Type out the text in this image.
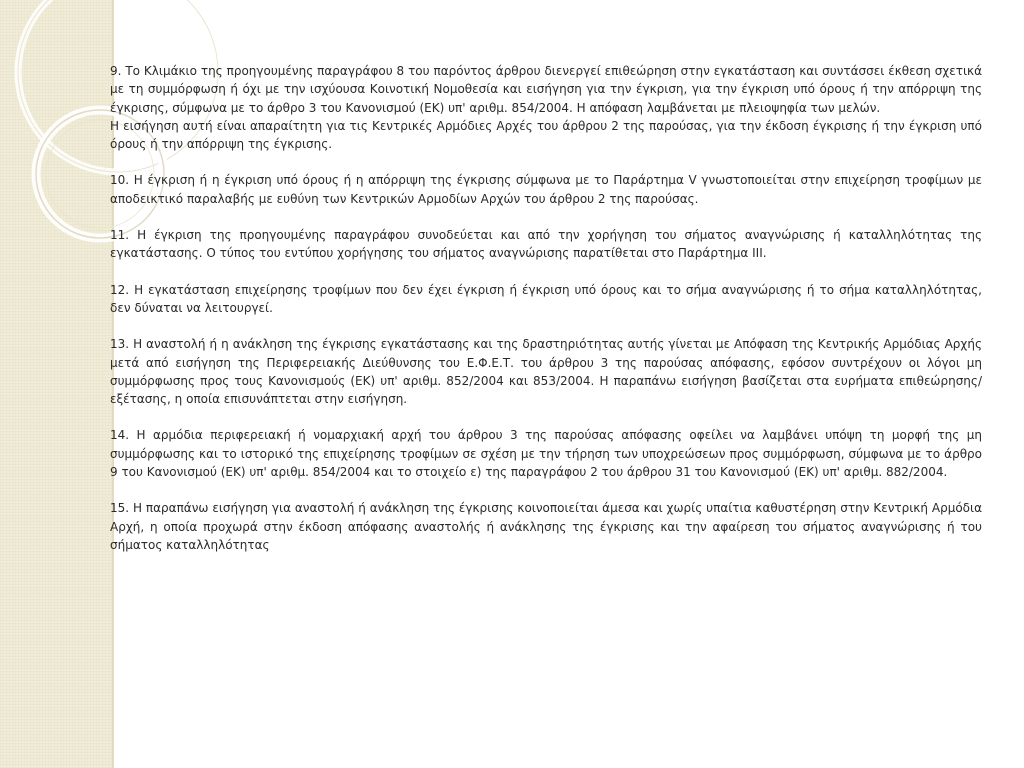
9. Το Κλιμάκιο της προηγουμένης παραγράφου 8 του παρόντος άρθρου διενεργεί επιθεώρηση στην εγκατάσταση και συντάσσει έκθεση σχετικά με τη συμμόρφωση ή όχι με την ισχύουσα Κοινοτική Νομοθεσία και εισήγηση για την έγκριση, για την έγκριση υπό όρους ή την απόρριψη της έγκρισης, σύμφωνα με το άρθρο 3 του Κανονισμού (ΕΚ) υπ' αριθμ. 854/2004. Η απόφαση λαμβάνεται με πλειοψηφία των μελών.

Η εισήγηση αυτή είναι απαραίτητη για τις Κεντρικές Αρμόδιες Αρχές του άρθρου 2 της παρούσας, για την έκδοση έγκρισης ή την έγκριση υπό όρους ή την απόρριψη της έγκρισης.

10. Η έγκριση ή η έγκριση υπό όρους ή η απόρριψη της έγκρισης σύμφωνα με το Παράρτημα V γνωστοποιείται στην επιχείρηση τροφίμων με αποδεικτικό παραλαβής με ευθύνη των Κεντρικών Αρμοδίων Αρχών του άρθρου 2 της παρούσας.

11. Η έγκριση της προηγουμένης παραγράφου συνοδεύεται και από την χορήγηση του σήματος αναγνώρισης ή καταλληλότητας της εγκατάστασης. Ο τύπος του εντύπου χορήγησης του σήματος αναγνώρισης παρατίθεται στο Παράρτημα ΙΙΙ.

12. Η εγκατάσταση επιχείρησης τροφίμων που δεν έχει έγκριση ή έγκριση υπό όρους και το σήμα αναγνώρισης ή το σήμα καταλληλότητας, δεν δύναται να λειτουργεί.

13. Η αναστολή ή η ανάκληση της έγκρισης εγκατάστασης και της δραστηριότητας αυτής γίνεται με Απόφαση της Κεντρικής Αρμόδιας Αρχής μετά από εισήγηση της Περιφερειακής Διεύθυνσης του Ε.Φ.Ε.Τ. του άρθρου 3 της παρούσας απόφασης, εφόσον συντρέχουν οι λόγοι μη συμμόρφωσης προς τους Κανονισμούς (ΕΚ) υπ' αριθμ. 852/2004 και 853/2004. Η παραπάνω εισήγηση βασίζεται στα ευρήματα επιθεώρησης/εξέτασης, η οποία επισυνάπτεται στην εισήγηση.

14. Η αρμόδια περιφερειακή ή νομαρχιακή αρχή του άρθρου 3 της παρούσας απόφασης οφείλει να λαμβάνει υπόψη τη μορφή της μη συμμόρφωσης και το ιστορικό της επιχείρησης τροφίμων σε σχέση με την τήρηση των υποχρεώσεων προς συμμόρφωση, σύμφωνα με το άρθρο 9 του Κανονισμού (ΕΚ) υπ' αριθμ. 854/2004 και το στοιχείο ε) της παραγράφου 2 του άρθρου 31 του Κανονισμού (ΕΚ) υπ' αριθμ. 882/2004.

15. Η παραπάνω εισήγηση για αναστολή ή ανάκληση της έγκρισης κοινοποιείται άμεσα και χωρίς υπαίτια καθυστέρηση στην Κεντρική Αρμόδια Αρχή, η οποία προχωρά στην έκδοση απόφασης αναστολής ή ανάκλησης της έγκρισης και την αφαίρεση του σήματος αναγνώρισης ή του σήματος καταλληλότητας
